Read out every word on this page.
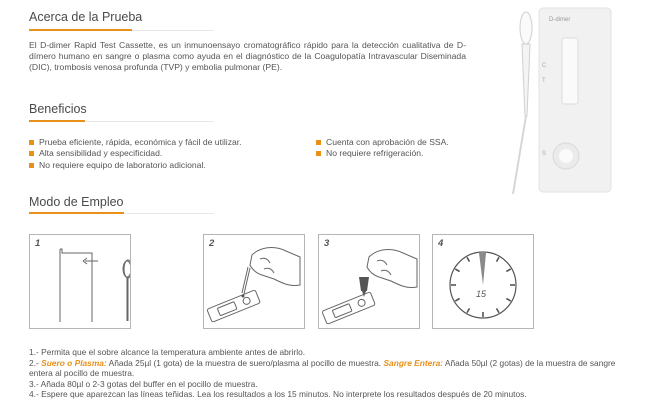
Acerca de la Prueba
El D-dimer Rapid Test Cassette, es un inmunoensayo cromatográfico rápido para la detección cualitativa de D-dímero humano en sangre o plasma como ayuda en el diagnóstico de la Coagulopatía Intravascular Diseminada (DIC), trombosis venosa profunda (TVP) y embolia pulmonar (PE).
Beneficios
Prueba eficiente, rápida, económica y fácil de utilizar.
Alta sensibilidad y especificidad.
No requiere equipo de laboratorio adicional.
Cuenta con aprobación de SSA.
No requiere refrigeración.
Modo de Empleo
1	2	3	4
15
D-dimer
C
T
S
1.- Permita que el sobre alcance la temperatura ambiente antes de abrirlo.
2.- Suero o Plasma: Añada 25µl (1 gota) de la muestra de suero/plasma al pocillo de muestra. Sangre Entera: Añada 50µl (2 gotas) de la muestra de sangre entera al pocillo de muestra.
3.- Añada 80µl o 2-3 gotas del buffer en el pocillo de muestra.
4.- Espere que aparezcan las líneas teñidas. Lea los resultados a los 15 minutos. No interprete los resultados después de 20 minutos.
